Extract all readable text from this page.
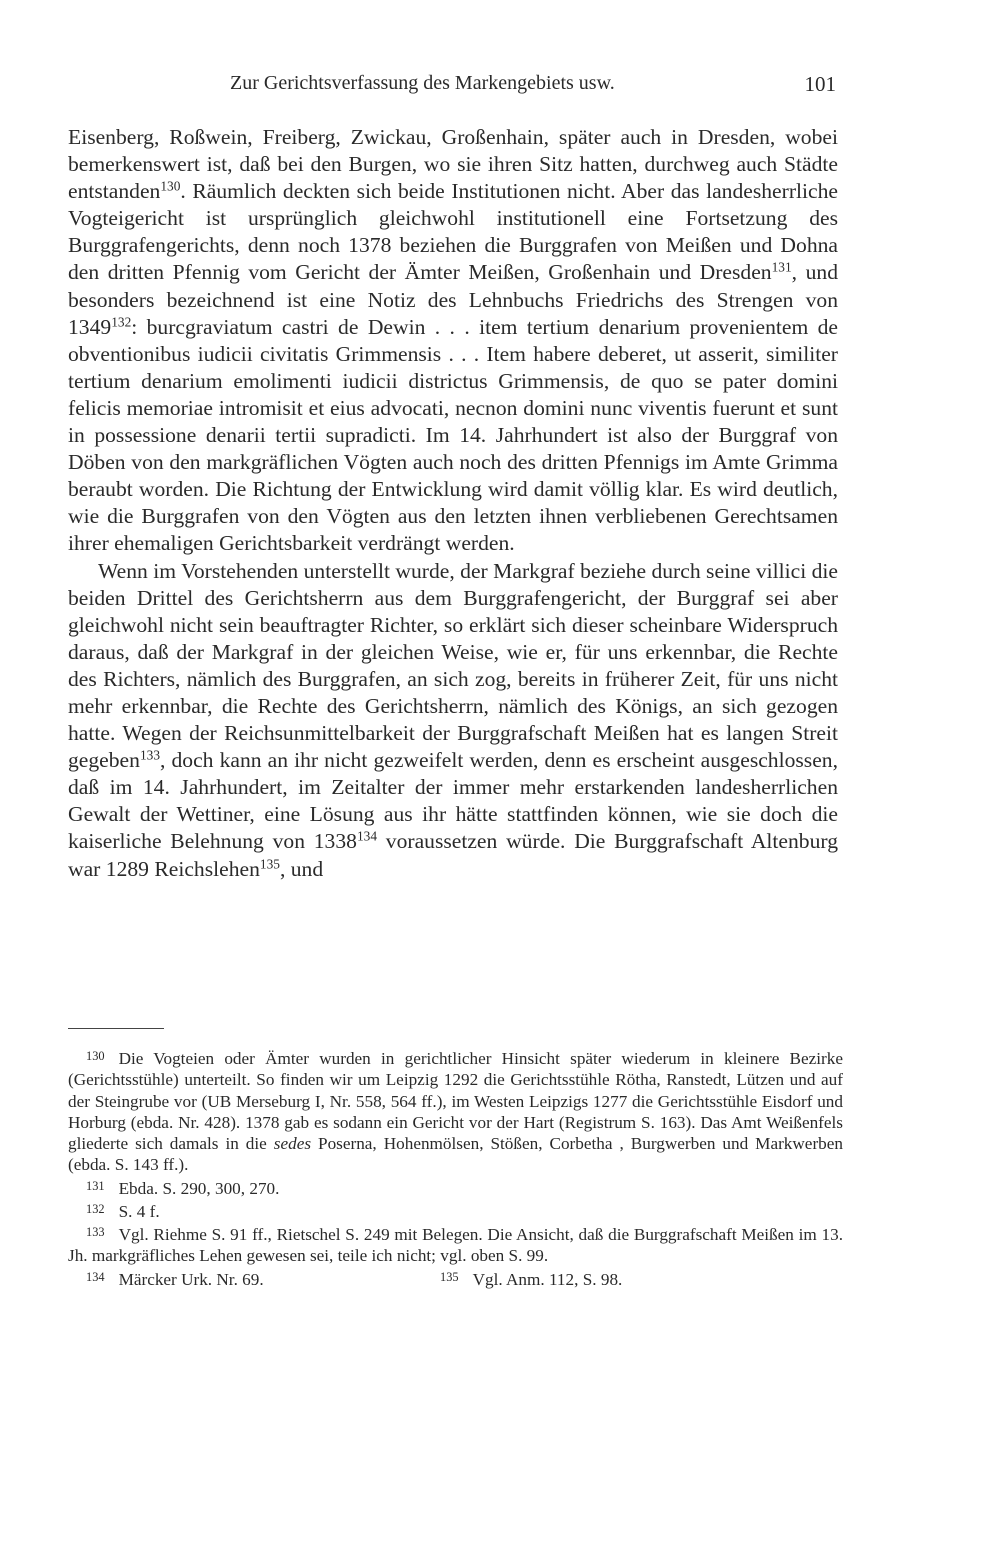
Zur Gerichtsverfassung des Markengebiets usw.	101

Eisenberg, Roßwein, Freiberg, Zwickau, Großenhain, später auch in Dresden, wobei bemerkenswert ist, daß bei den Burgen, wo sie ihren Sitz hatten, durchweg auch Städte entstanden$^{130}$. Räumlich deckten sich beide Institutionen nicht. Aber das landesherrliche Vogteigericht ist ursprünglich gleichwohl institutionell eine Fortsetzung des Burggrafengerichts, denn noch 1378 beziehen die Burggrafen von Meißen und Dohna den dritten Pfennig vom Gericht der Ämter Meißen, Großenhain und Dresden$^{131}$, und besonders bezeichnend ist eine Notiz des Lehnbuchs Friedrichs des Strengen von 1349$^{132}$: burcgraviatum castri de Dewin . . . item tertium denarium provenientem de obventionibus iudicii civitatis Grimmensis . . . Item habere deberet, ut asserit, similiter tertium denarium emolimenti iudicii districtus Grimmensis, de quo se pater domini felicis memoriae intromisit et eius advocati, necnon domini nunc viventis fuerunt et sunt in possessione denarii tertii supradicti. Im 14. Jahrhundert ist also der Burggraf von Döben von den markgräflichen Vögten auch noch des dritten Pfennigs im Amte Grimma beraubt worden. Die Richtung der Entwicklung wird damit völlig klar. Es wird deutlich, wie die Burggrafen von den Vögten aus den letzten ihnen verbliebenen Gerechtsamen ihrer ehemaligen Gerichtsbarkeit verdrängt werden.

Wenn im Vorstehenden unterstellt wurde, der Markgraf beziehe durch seine villici die beiden Drittel des Gerichtsherrn aus dem Burggrafengericht, der Burggraf sei aber gleichwohl nicht sein beauftragter Richter, so erklärt sich dieser scheinbare Widerspruch daraus, daß der Markgraf in der gleichen Weise, wie er, für uns erkennbar, die Rechte des Richters, nämlich des Burggrafen, an sich zog, bereits in früherer Zeit, für uns nicht mehr erkennbar, die Rechte des Gerichtsherrn, nämlich des Königs, an sich gezogen hatte. Wegen der Reichsunmittelbarkeit der Burggrafschaft Meißen hat es langen Streit gegeben$^{133}$, doch kann an ihr nicht gezweifelt werden, denn es erscheint ausgeschlossen, daß im 14. Jahrhundert, im Zeitalter der immer mehr erstarkenden landesherrlichen Gewalt der Wettiner, eine Lösung aus ihr hätte stattfinden können, wie sie doch die kaiserliche Belehnung von 1338$^{134}$ voraussetzen würde. Die Burggrafschaft Altenburg war 1289 Reichslehen$^{135}$, und

$^{130}$ Die Vogteien oder Ämter wurden in gerichtlicher Hinsicht später wiederum in kleinere Bezirke (Gerichtsstühle) unterteilt. So finden wir um Leipzig 1292 die Gerichtsstühle Rötha, Ranstedt, Lützen und auf der Steingrube vor (UB Merseburg I, Nr. 558, 564 ff.), im Westen Leipzigs 1277 die Gerichtsstühle Eisdorf und Horburg (ebda. Nr. 428). 1378 gab es sodann ein Gericht vor der Hart (Registrum S. 163). Das Amt Weißenfels gliederte sich damals in die sedes Poserna, Hohenmölsen, Stößen, Corbetha , Burgwerben und Markwerben (ebda. S. 143 ff.).

$^{131}$ Ebda. S. 290, 300, 270.

$^{132}$ S. 4 f.

$^{133}$ Vgl. Riehme S. 91 ff., Rietschel S. 249 mit Belegen. Die Ansicht, daß die Burggrafschaft Meißen im 13. Jh. markgräfliches Lehen gewesen sei, teile ich nicht; vgl. oben S. 99.

$^{134}$ Märcker Urk. Nr. 69.	$^{135}$ Vgl. Anm. 112, S. 98.
